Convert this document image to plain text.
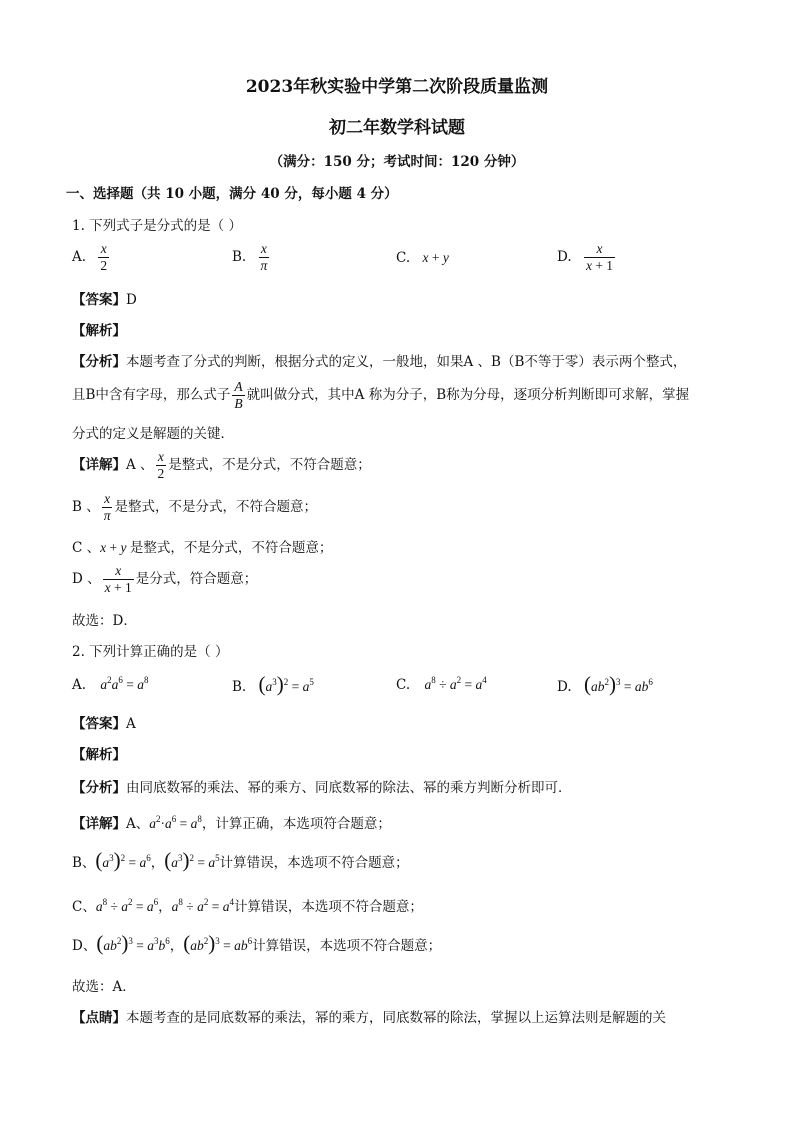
2023年秋实验中学第二次阶段质量监测
初二年数学科试题
（满分：150 分；考试时间：120 分钟）
一、选择题（共 10 小题，满分 40 分，每小题 4 分）
1. 下列式子是分式的是（ ）
A. $\frac{x}{2}$	B. $\frac{x}{\pi}$	C. x + y	D. $\frac{x}{x + 1}$
【答案】D
【解析】
【分析】本题考查了分式的判断，根据分式的定义，一般地，如果A 、B（B不等于零）表示两个整式，
且B中含有字母，那么式子 $\frac{A}{B}$ 就叫做分式，其中A 称为分子，B称为分母，逐项分析判断即可求解，掌握
分式的定义是解题的关键．
【详解】A 、 $\frac{x}{2}$ 是整式，不是分式，不符合题意；
B 、 $\frac{x}{\pi}$ 是整式，不是分式，不符合题意；
C 、x + y 是整式，不是分式，不符合题意；
D 、 $\frac{x}{x + 1}$ 是分式，符合题意；
故选：D．
2. 下列计算正确的是（ ）
A. $a^2a^6 = a^8$	B. $(a^3)^2 = a^5$	C. $a^8 \div a^2 = a^4$	D. $(ab^2)^3 = ab^6$
【答案】A
【解析】
【分析】由同底数幂的乘法、幂的乘方、同底数幂的除法、幂的乘方判断分析即可．
【详解】A、$a^2\cdot a^6 = a^8$，计算正确，本选项符合题意；
B、$(a^3)^2 = a^6$，$(a^3)^2 = a^5$计算错误，本选项不符合题意；
C、$a^8 \div a^2 = a^6$，$a^8 \div a^2 = a^4$计算错误，本选项不符合题意；
D、$(ab^2)^3 = a^3b^6$，$(ab^2)^3 = ab^6$计算错误，本选项不符合题意；
故选：A．
【点睛】本题考查的是同底数幂的乘法，幂的乘方，同底数幂的除法，掌握以上运算法则是解题的关
